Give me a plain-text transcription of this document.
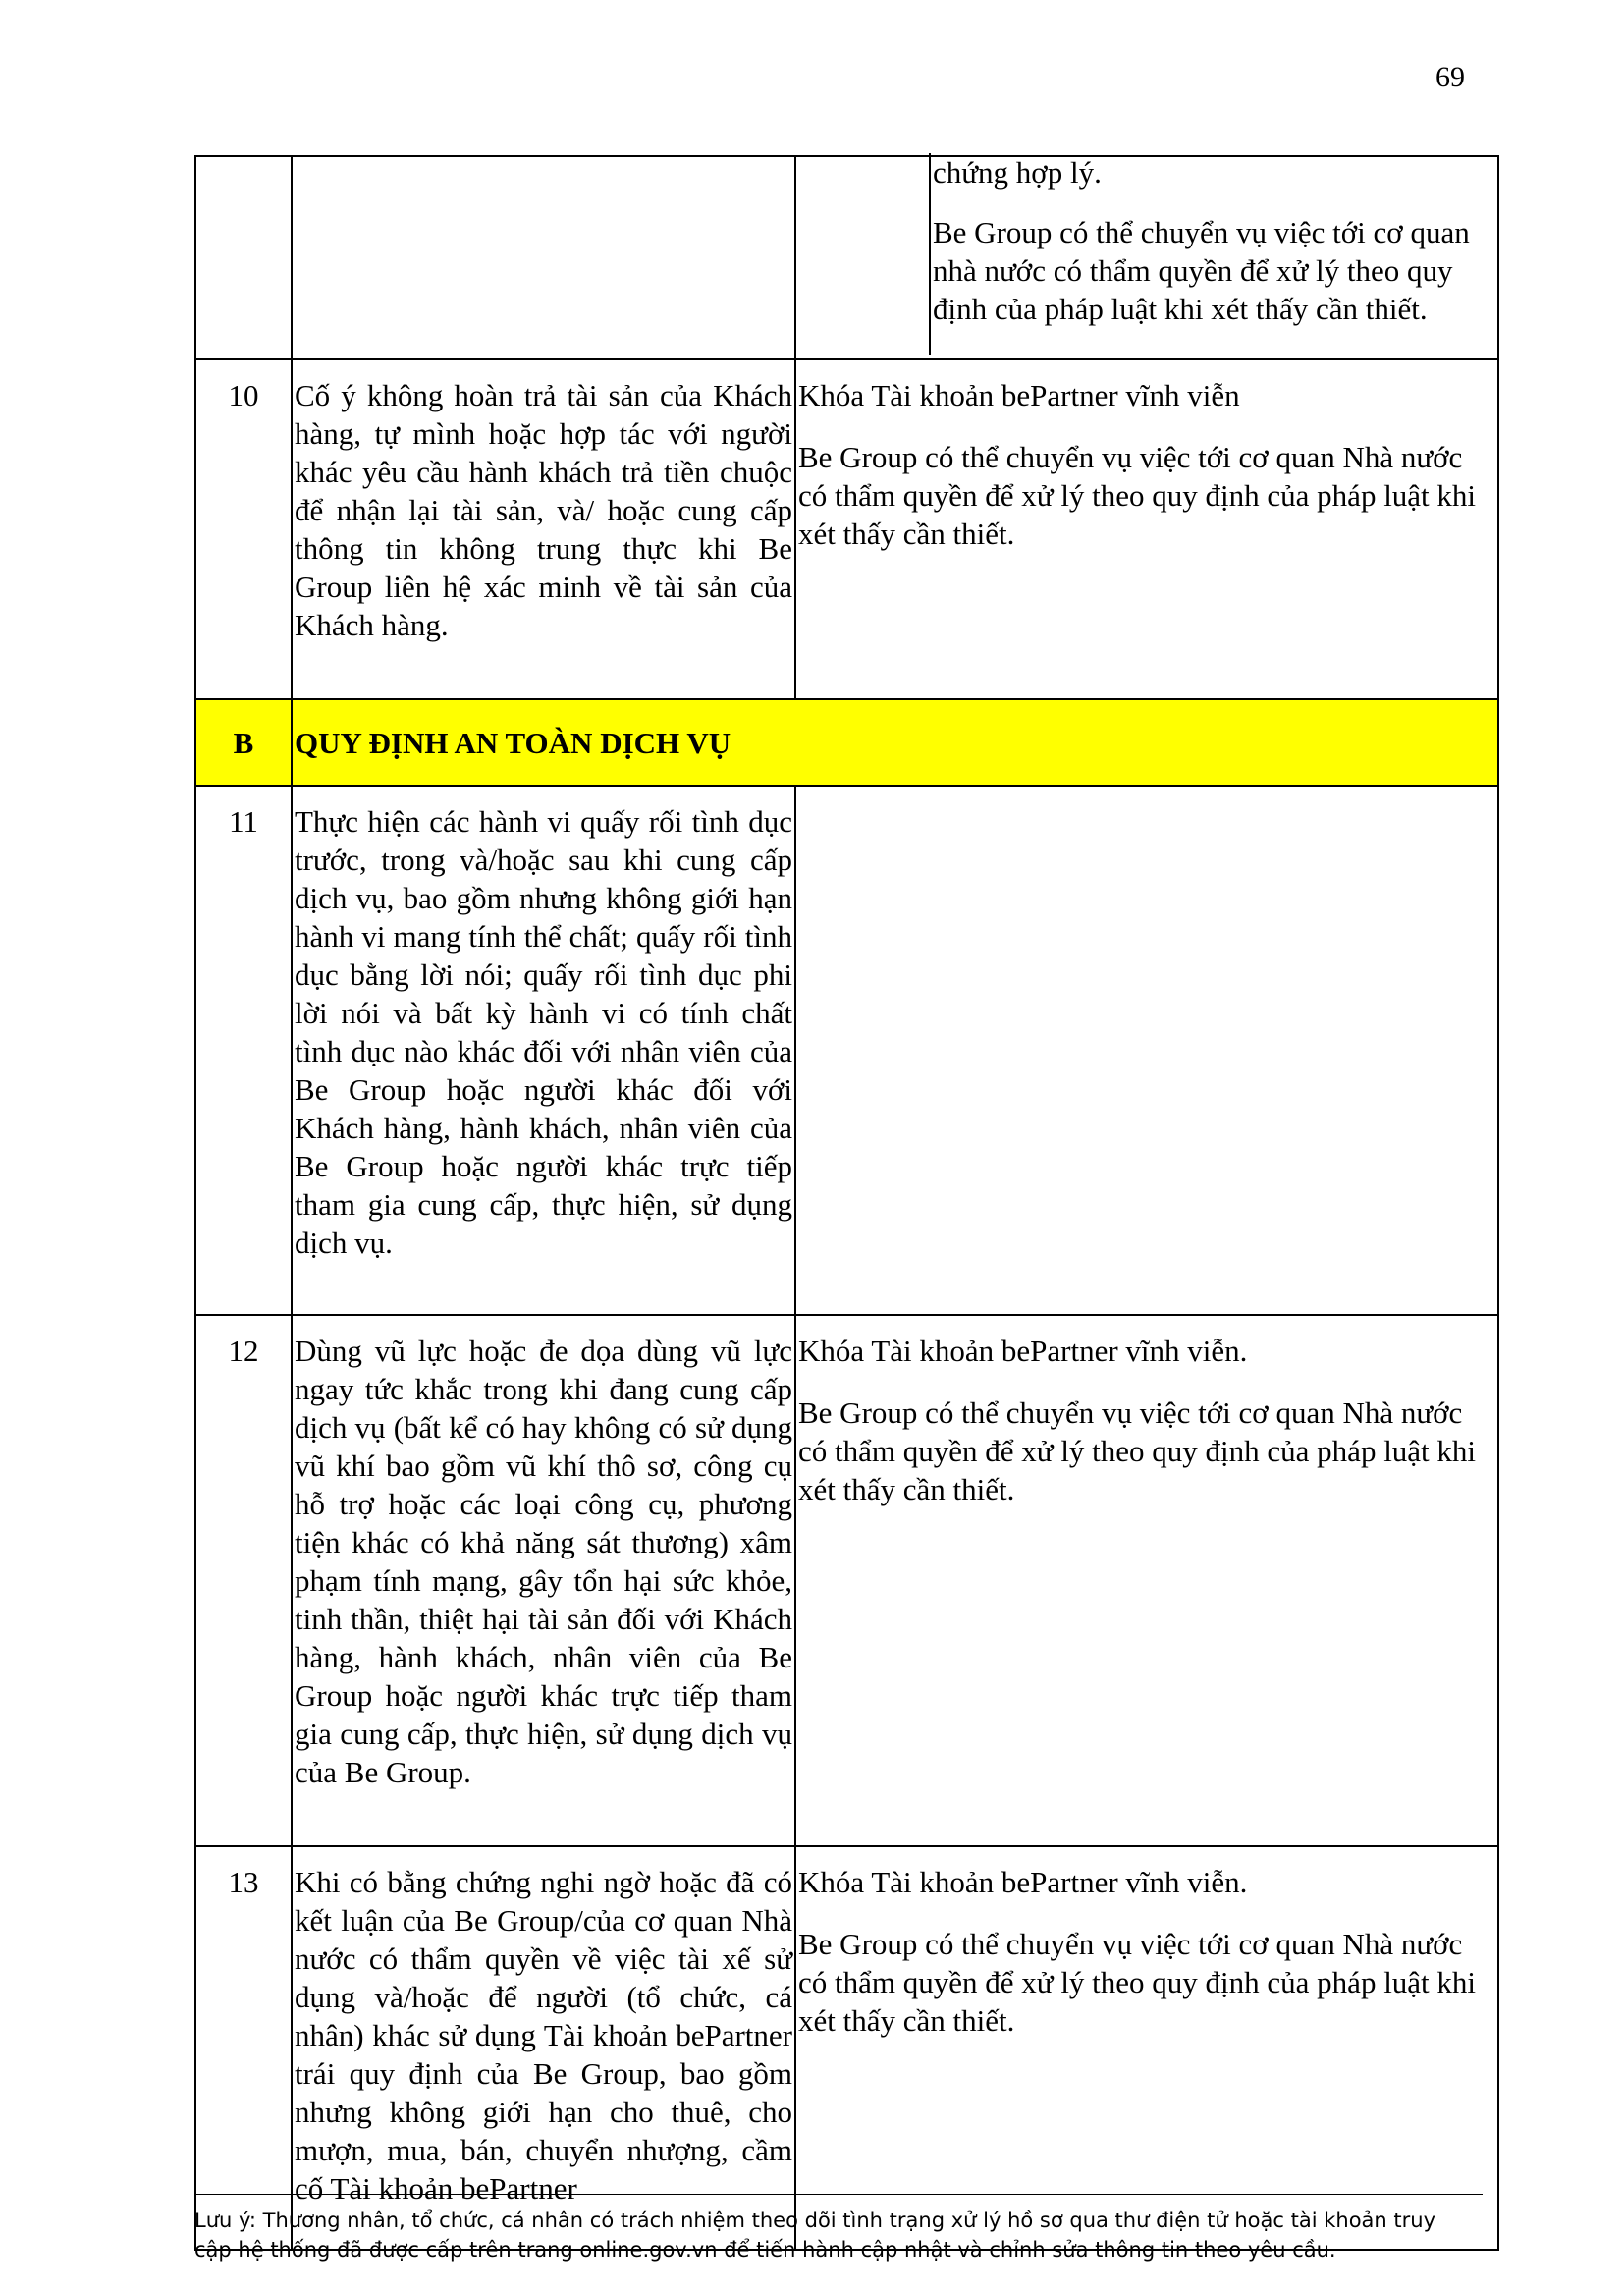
69

		chứng hợp lý.

Be Group có thể chuyển vụ việc tới cơ quan nhà nước có thẩm quyền để xử lý theo quy định của pháp luật khi xét thấy cần thiết.

10	Cố ý không hoàn trả tài sản của Khách hàng, tự mình hoặc hợp tác với người khác yêu cầu hành khách trả tiền chuộc để nhận lại tài sản, và/ hoặc cung cấp thông tin không trung thực khi Be Group liên hệ xác minh về tài sản của Khách hàng.	Khóa Tài khoản bePartner vĩnh viễn

Be Group có thể chuyển vụ việc tới cơ quan Nhà nước có thẩm quyền để xử lý theo quy định của pháp luật khi xét thấy cần thiết.

B	QUY ĐỊNH AN TOÀN DỊCH VỤ	
11	Thực hiện các hành vi quấy rối tình dục trước, trong và/hoặc sau khi cung cấp dịch vụ, bao gồm nhưng không giới hạn hành vi mang tính thể chất; quấy rối tình dục bằng lời nói; quấy rối tình dục phi lời nói và bất kỳ hành vi có tính chất tình dục nào khác đối với nhân viên của Be Group hoặc người khác đối với Khách hàng, hành khách, nhân viên của Be Group hoặc người khác trực tiếp tham gia cung cấp, thực hiện, sử dụng dịch vụ.	
12	Dùng vũ lực hoặc đe dọa dùng vũ lực ngay tức khắc trong khi đang cung cấp dịch vụ (bất kể có hay không có sử dụng vũ khí bao gồm vũ khí thô sơ, công cụ hỗ trợ hoặc các loại công cụ, phương tiện khác có khả năng sát thương) xâm phạm tính mạng, gây tổn hại sức khỏe, tinh thần, thiệt hại tài sản đối với Khách hàng, hành khách, nhân viên của Be Group hoặc người khác trực tiếp tham gia cung cấp, thực hiện, sử dụng dịch vụ của Be Group.	Khóa Tài khoản bePartner vĩnh viễn.

Be Group có thể chuyển vụ việc tới cơ quan Nhà nước có thẩm quyền để xử lý theo quy định của pháp luật khi xét thấy cần thiết.

13	Khi có bằng chứng nghi ngờ hoặc đã có kết luận của Be Group/của cơ quan Nhà nước có thẩm quyền về việc tài xế sử dụng và/hoặc để người (tổ chức, cá nhân) khác sử dụng Tài khoản bePartner trái quy định của Be Group, bao gồm nhưng không giới hạn cho thuê, cho mượn, mua, bán, chuyển nhượng, cầm cố Tài khoản bePartner	Khóa Tài khoản bePartner vĩnh viễn.

Be Group có thể chuyển vụ việc tới cơ quan Nhà nước có thẩm quyền để xử lý theo quy định của pháp luật khi xét thấy cần thiết.

Lưu ý: Thương nhân, tổ chức, cá nhân có trách nhiệm theo dõi tình trạng xử lý hồ sơ qua thư điện tử hoặc tài khoản truy cập hệ thống đã được cấp trên trang online.gov.vn để tiến hành cập nhật và chỉnh sửa thông tin theo yêu cầu.
